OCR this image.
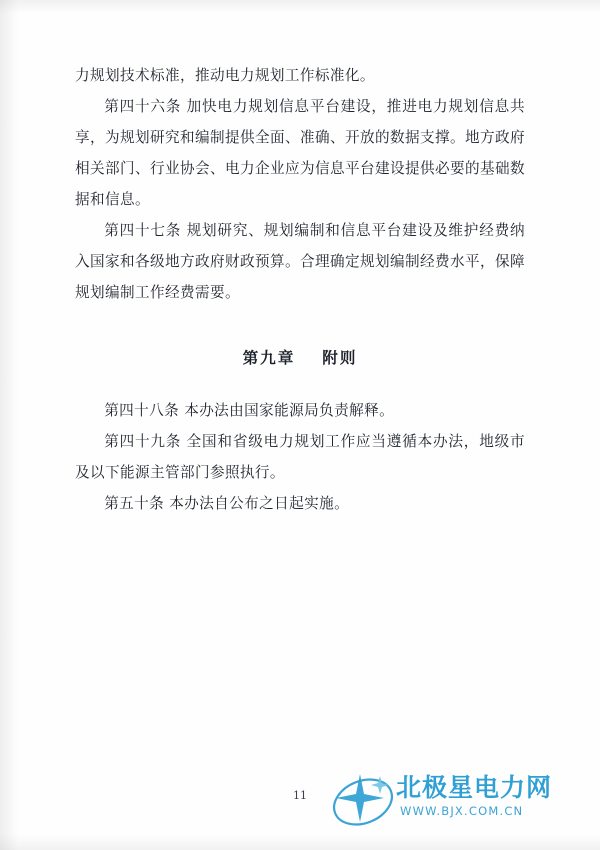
力规划技术标准，推动电力规划工作标准化。

第四十六条 加快电力规划信息平台建设，推进电力规划信息共享，为规划研究和编制提供全面、准确、开放的数据支撑。地方政府相关部门、行业协会、电力企业应为信息平台建设提供必要的基础数据和信息。

第四十七条 规划研究、规划编制和信息平台建设及维护经费纳入国家和各级地方政府财政预算。合理确定规划编制经费水平，保障规划编制工作经费需要。

第九章 附则

第四十八条 本办法由国家能源局负责解释。

第四十九条 全国和省级电力规划工作应当遵循本办法，地级市及以下能源主管部门参照执行。

第五十条 本办法自公布之日起实施。

11	北极星电力网
WWW.BJX.COM.CN
